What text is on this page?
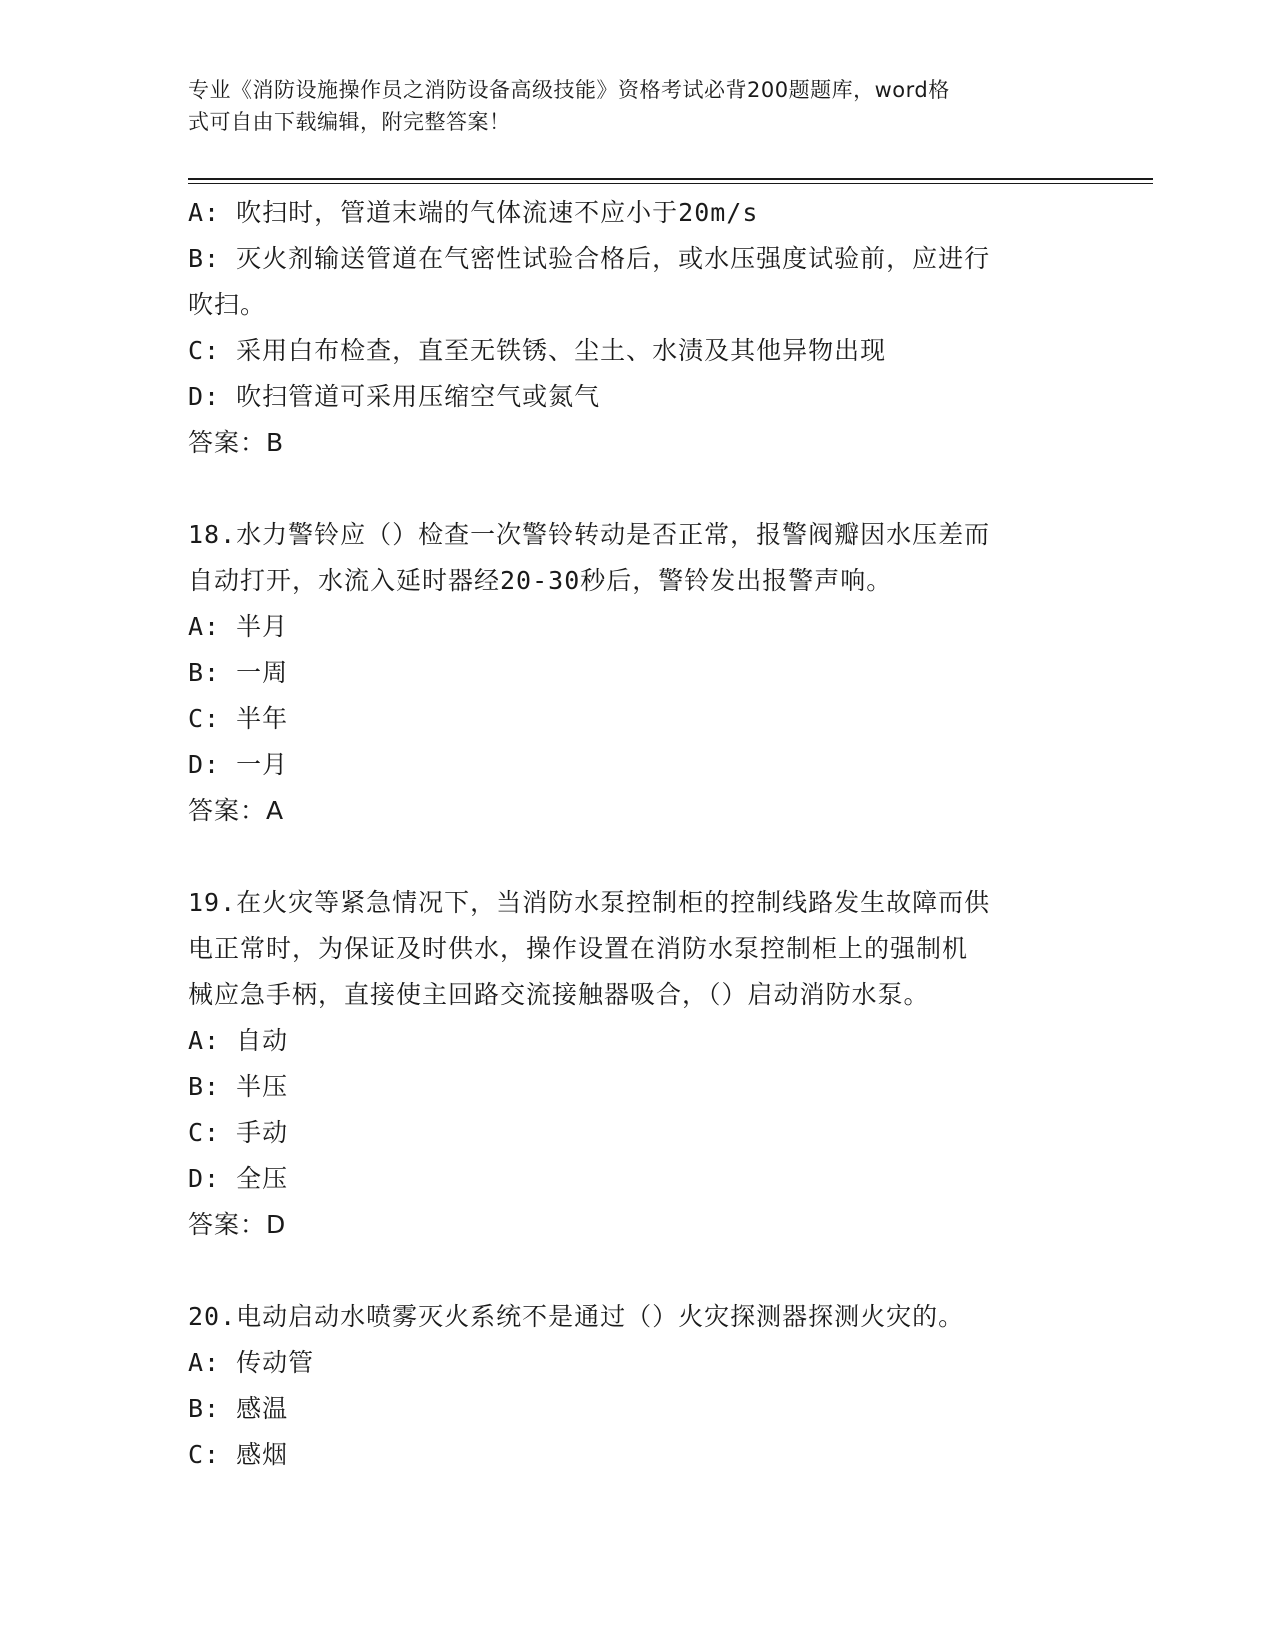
专业《消防设施操作员之消防设备高级技能》资格考试必背200题题库，word格
式可自由下载编辑，附完整答案！
A: 吹扫时，管道末端的气体流速不应小于20m/s
B: 灭火剂输送管道在气密性试验合格后，或水压强度试验前，应进行
吹扫。
C: 采用白布检查，直至无铁锈、尘土、水渍及其他异物出现
D: 吹扫管道可采用压缩空气或氮气
答案：B
18.水力警铃应（）检查一次警铃转动是否正常，报警阀瓣因水压差而
自动打开，水流入延时器经20-30秒后，警铃发出报警声响。
A: 半月
B: 一周
C: 半年
D: 一月
答案：A
19.在火灾等紧急情况下，当消防水泵控制柜的控制线路发生故障而供
电正常时，为保证及时供水，操作设置在消防水泵控制柜上的强制机
械应急手柄，直接使主回路交流接触器吸合，（）启动消防水泵。
A: 自动
B: 半压
C: 手动
D: 全压
答案：D
20.电动启动水喷雾灭火系统不是通过（）火灾探测器探测火灾的。
A: 传动管
B: 感温
C: 感烟
